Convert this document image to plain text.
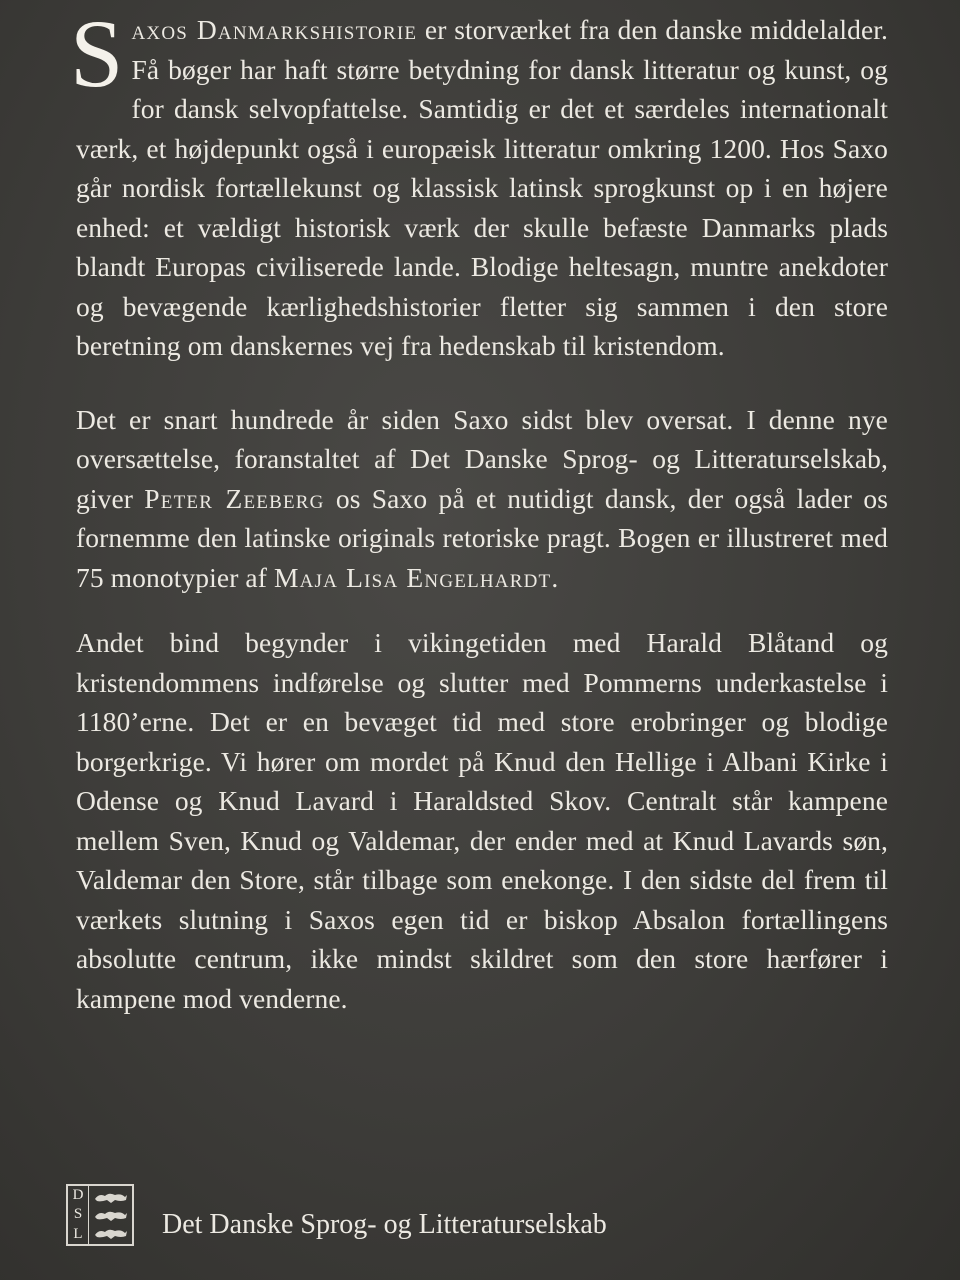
Saxos Danmarkshistorie er storværket fra den danske middelalder. Få bøger har haft større betydning for dansk litteratur og kunst, og for dansk selvopfattelse. Samtidig er det et særdeles internationalt værk, et højdepunkt også i europæisk litteratur omkring 1200. Hos Saxo går nordisk fortællekunst og klassisk latinsk sprogkunst op i en højere enhed: et vældigt historisk værk der skulle befæste Danmarks plads blandt Europas civiliserede lande. Blodige heltesagn, muntre anekdoter og bevægende kærlighedshistorier fletter sig sammen i den store beretning om danskernes vej fra hedenskab til kristendom.

Det er snart hundrede år siden Saxo sidst blev oversat. I denne nye oversættelse, foranstaltet af Det Danske Sprog- og Litteraturselskab, giver Peter Zeeberg os Saxo på et nutidigt dansk, der også lader os fornemme den latinske originals retoriske pragt. Bogen er illustreret med 75 monotypier af Maja Lisa Engelhardt.

Andet bind begynder i vikingetiden med Harald Blåtand og kristendommens indførelse og slutter med Pommerns underkastelse i 1180’erne. Det er en bevæget tid med store erobringer og blodige borgerkrige. Vi hører om mordet på Knud den Hellige i Albani Kirke i Odense og Knud Lavard i Haraldsted Skov. Centralt står kampene mellem Sven, Knud og Valdemar, der ender med at Knud Lavards søn, Valdemar den Store, står tilbage som enekonge. I den sidste del frem til værkets slutning i Saxos egen tid er biskop Absalon fortællingens absolutte centrum, ikke mindst skildret som den store hærfører i kampene mod venderne.

D
S
L	Det Danske Sprog- og Litteraturselskab
